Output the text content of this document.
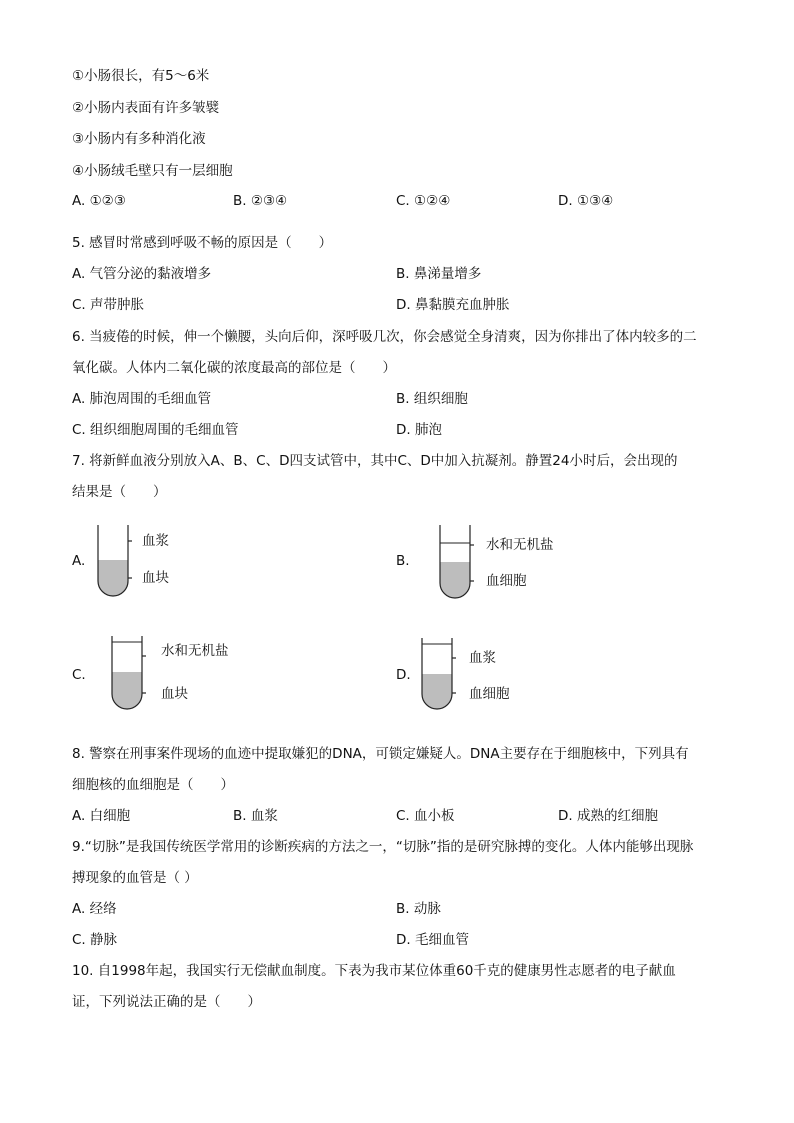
①小肠很长，有5～6米
②小肠内表面有许多皱襞
③小肠内有多种消化液
④小肠绒毛壁只有一层细胞
A. ①②③	B. ②③④	C. ①②④	D. ①③④
5. 感冒时常感到呼吸不畅的原因是（　　）
A. 气管分泌的黏液增多	B. 鼻涕量增多
C. 声带肿胀	D. 鼻黏膜充血肿胀
6. 当疲倦的时候，伸一个懒腰，头向后仰，深呼吸几次，你会感觉全身清爽，因为你排出了体内较多的二
氧化碳。人体内二氧化碳的浓度最高的部位是（　　）
A. 肺泡周围的毛细血管	B. 组织细胞
C. 组织细胞周围的毛细血管	D. 肺泡
7. 将新鲜血液分别放入A、B、C、D四支试管中，其中C、D中加入抗凝剂。静置24小时后，会出现的
结果是（　　）
A.
血浆
血块
B.
水和无机盐
血细胞
C.
水和无机盐
血块
D.
血浆
血细胞
8. 警察在刑事案件现场的血迹中提取嫌犯的DNA，可锁定嫌疑人。DNA主要存在于细胞核中，下列具有
细胞核的血细胞是（　　）
A. 白细胞	B. 血浆	C. 血小板	D. 成熟的红细胞
9.“切脉”是我国传统医学常用的诊断疾病的方法之一，“切脉”指的是研究脉搏的变化。人体内能够出现脉
搏现象的血管是（ ）
A. 经络	B. 动脉
C. 静脉	D. 毛细血管
10. 自1998年起，我国实行无偿献血制度。下表为我市某位体重60千克的健康男性志愿者的电子献血
证，下列说法正确的是（　　）
